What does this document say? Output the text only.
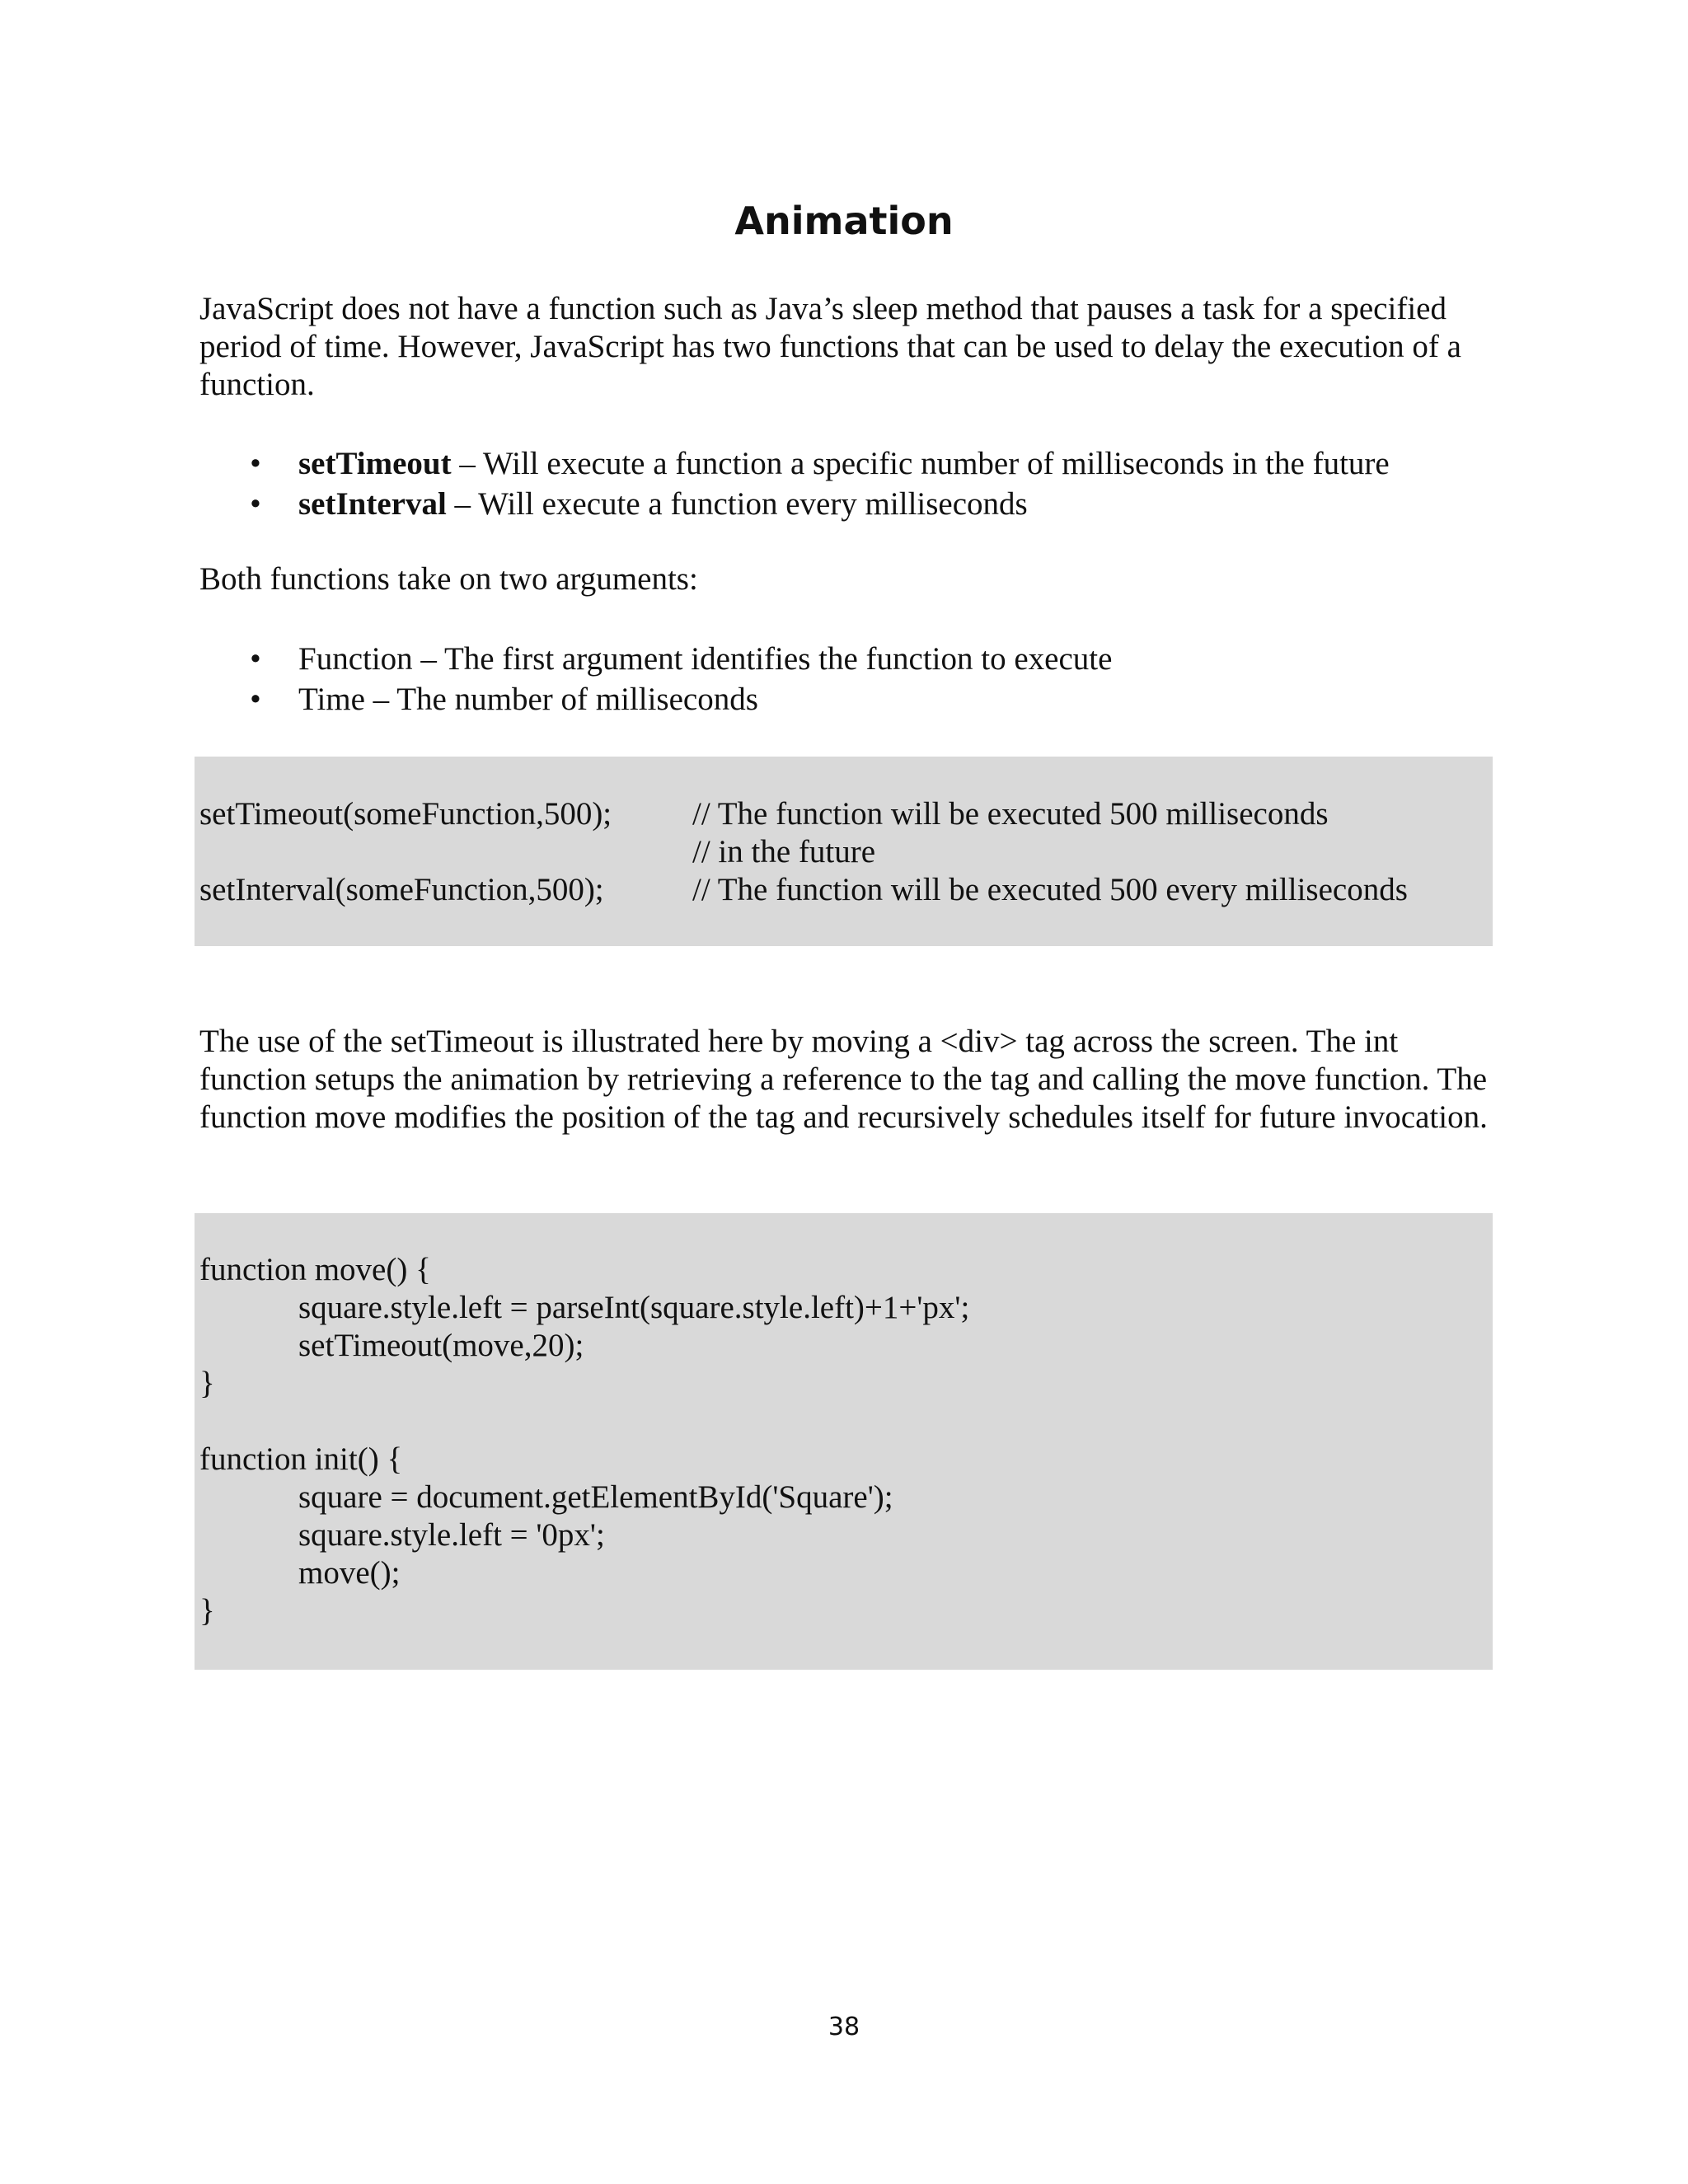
Animation

JavaScript does not have a function such as Java’s sleep method that pauses a task for a specified period of time. However, JavaScript has two functions that can be used to delay the execution of a function.

• setTimeout – Will execute a function a specific number of milliseconds in the future
• setInterval – Will execute a function every milliseconds

Both functions take on two arguments:

• Function – The first argument identifies the function to execute
• Time – The number of milliseconds
setTimeout(someFunction,500);	// The function will be executed 500 milliseconds
// in the future
setInterval(someFunction,500);	// The function will be executed 500 every milliseconds

The use of the setTimeout is illustrated here by moving a <div> tag across the screen. The int function setups the animation by retrieving a reference to the tag and calling the move function. The function move modifies the position of the tag and recursively schedules itself for future invocation.

function move() {
square.style.left = parseInt(square.style.left)+1+'px';
setTimeout(move,20);
}
function init() {
square = document.getElementById('Square');
square.style.left = '0px';
move();
}
38
